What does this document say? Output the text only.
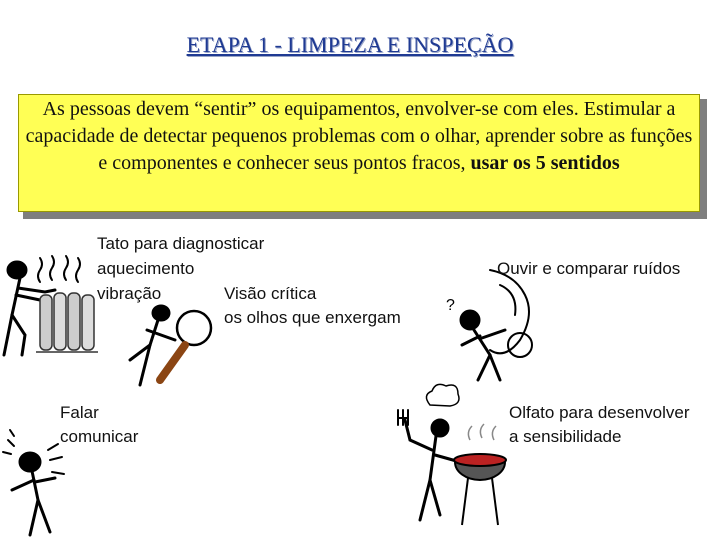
ETAPA 1 - LIMPEZA E INSPEÇÃO
As pessoas devem “sentir” os equipamentos, envolver-se com eles. Estimular a capacidade de detectar pequenos problemas com o olhar, aprender sobre as funções e componentes e conhecer seus pontos fracos, usar os 5 sentidos
?
Tato para diagnosticar
aquecimento
vibração	Visão crítica
os olhos que enxergam
Ouvir e comparar ruídos
Falar
comunicar
Olfato para desenvolver
a sensibilidade
